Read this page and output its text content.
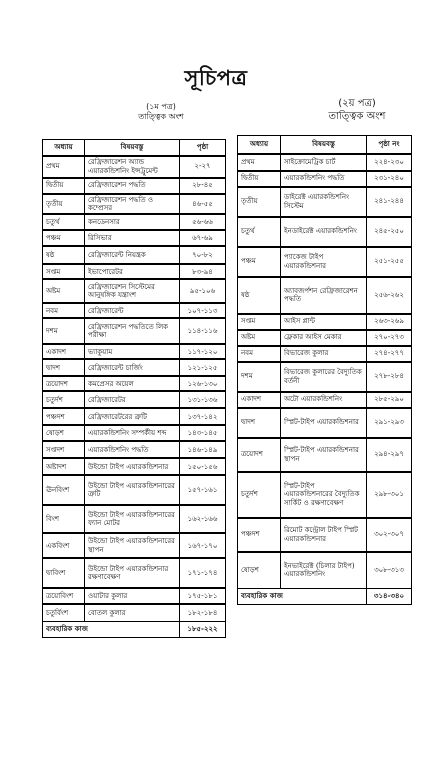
সূচিপত্র
(১ম পত্র)
তাত্ত্বিক অংশ
(২য় পত্র)
তাত্ত্বিক অংশ
অধ্যায়	বিষয়বস্তু	পৃষ্ঠা
প্রথম	রেফ্রিজারেশন অ্যান্ড এয়ারকন্ডিশনিং ইন্সট্রুমেন্ট	২-২৭
দ্বিতীয়	রেফ্রিজারেশন পদ্ধতি	২৮-৪৫
তৃতীয়	রেফ্রিজারেশন পদ্ধতি ও কম্প্রেসর	৪৬-৫৫
চতুর্থ	কনডেনসার	৫৬-৬৬
পঞ্চম	রিসিভার	৬৭-৬৯
ষষ্ঠ	রেফ্রিজারেন্ট নিয়ন্ত্রক	৭০-৮২
সপ্তম	ইভাপোরেটর	৮৩-৯৪
অষ্টম	রেফ্রিজারেশন সিস্টেমের আনুষঙ্গিক যন্ত্রাংশ	৯৫-১০৬
নবম	রেফ্রিজারেন্ট	১০৭-১১৩
দশম	রেফ্রিজারেশন পদ্ধতিতে লিক পরীক্ষা	১১৪-১১৬
একাদশ	ভ্যাকুয়াম	১১৭-১২০
দ্বাদশ	রেফ্রিজারেন্ট চার্জিং	১২১-১২৫
ত্রয়োদশ	কমপ্রেসর অয়েল	১২৬-১৩০
চতুর্দশ	রেফ্রিজারেটর	১৩১-১৩৬
পঞ্চদশ	রেফ্রিজারেটরের ত্রুটি	১৩৭-১৪২
ষোড়শ	এয়ারকন্ডিশনিং সম্পর্কীয় শব্দ	১৪৩-১৪৫
সপ্তদশ	এয়ারকন্ডিশনিং পদ্ধতি	১৪৬-১৪৯
অষ্টাদশ	উইন্ডো টাইপ এয়ারকন্ডিশনার	১৫০-১৫৬
ঊনবিংশ	উইন্ডো টাইপ এয়ারকন্ডিশনারের ত্রুটি	১৫৭-১৬১
বিংশ	উইন্ডো টাইপ এয়ারকন্ডিশনারের ফ্যান মোটর	১৬২-১৬৬
একবিংশ	উইন্ডো টাইপ এয়ারকন্ডিশনারের স্থাপন	১৬৭-১৭০
দ্বাবিংশ	উইন্ডো টাইপ এয়ারকন্ডিশনার রক্ষণাবেক্ষণ	১৭১-১৭৪
ত্রয়োবিংশ	ওয়াটার কুলার	১৭৫-১৮১
চতুর্বিংশ	বোতল কুলার	১৮২-১৮৪
ব্যবহারিক কাজ		১৮৫-২২২
অধ্যায়	বিষয়বস্তু	পৃষ্ঠা নং
প্রথম	সাইক্রোমেট্রিক চার্ট	২২৪-২৩০
দ্বিতীয়	এয়ারকন্ডিশনিং পদ্ধতি	২৩১-২৪০
তৃতীয়	ডাইরেক্ট এয়ারকন্ডিশনিং সিস্টেম	২৪১-২৪৪
চতুর্থ	ইনডাইরেক্ট এয়ারকন্ডিশনিং	২৪৫-২৫০
পঞ্চম	প্যাকেজ টাইপ এয়ারকন্ডিশনার	২৫১-২৫৫
ষষ্ঠ	অ্যাবজর্পশন রেফ্রিজারেশন পদ্ধতি	২৫৬-২৬২
সপ্তম	আইস প্লান্ট	২৬৩-২৬৯
অষ্টম	ফ্লেকার আইস মেকার	২৭০-২৭৩
নবম	বিভারেজ কুলার	২৭৪-২৭৭
দশম	বিভারেজ কুলারের বৈদ্যুতিক বর্তনী	২৭৮-২৮৪
একাদশ	অটো এয়ারকন্ডিশনিং	২৮৫-২৯০
দ্বাদশ	স্প্লিট-টাইপ এয়ারকন্ডিশনার	২৯১-২৯৩
ত্রয়োদশ	স্প্লিট-টাইপ এয়ারকন্ডিশনার স্থাপন	২৯৪-২৯৭
চতুর্দশ	স্প্লিট-টাইপ এয়ারকন্ডিশনারের বৈদ্যুতিক সার্কিট ও রক্ষণাবেক্ষণ	২৯৮-৩০১
পঞ্চদশ	রিমোট কন্ট্রোল টাইপ স্প্লিট এয়ারকন্ডিশনার	৩০২-৩০৭
ষোড়শ	ইনভাইরেক্ট (চিলার টাইপ) এয়ারকন্ডিশনিং	৩০৮-৩১৩
ব্যবহারিক কাজ		৩১৪-৩৪০
